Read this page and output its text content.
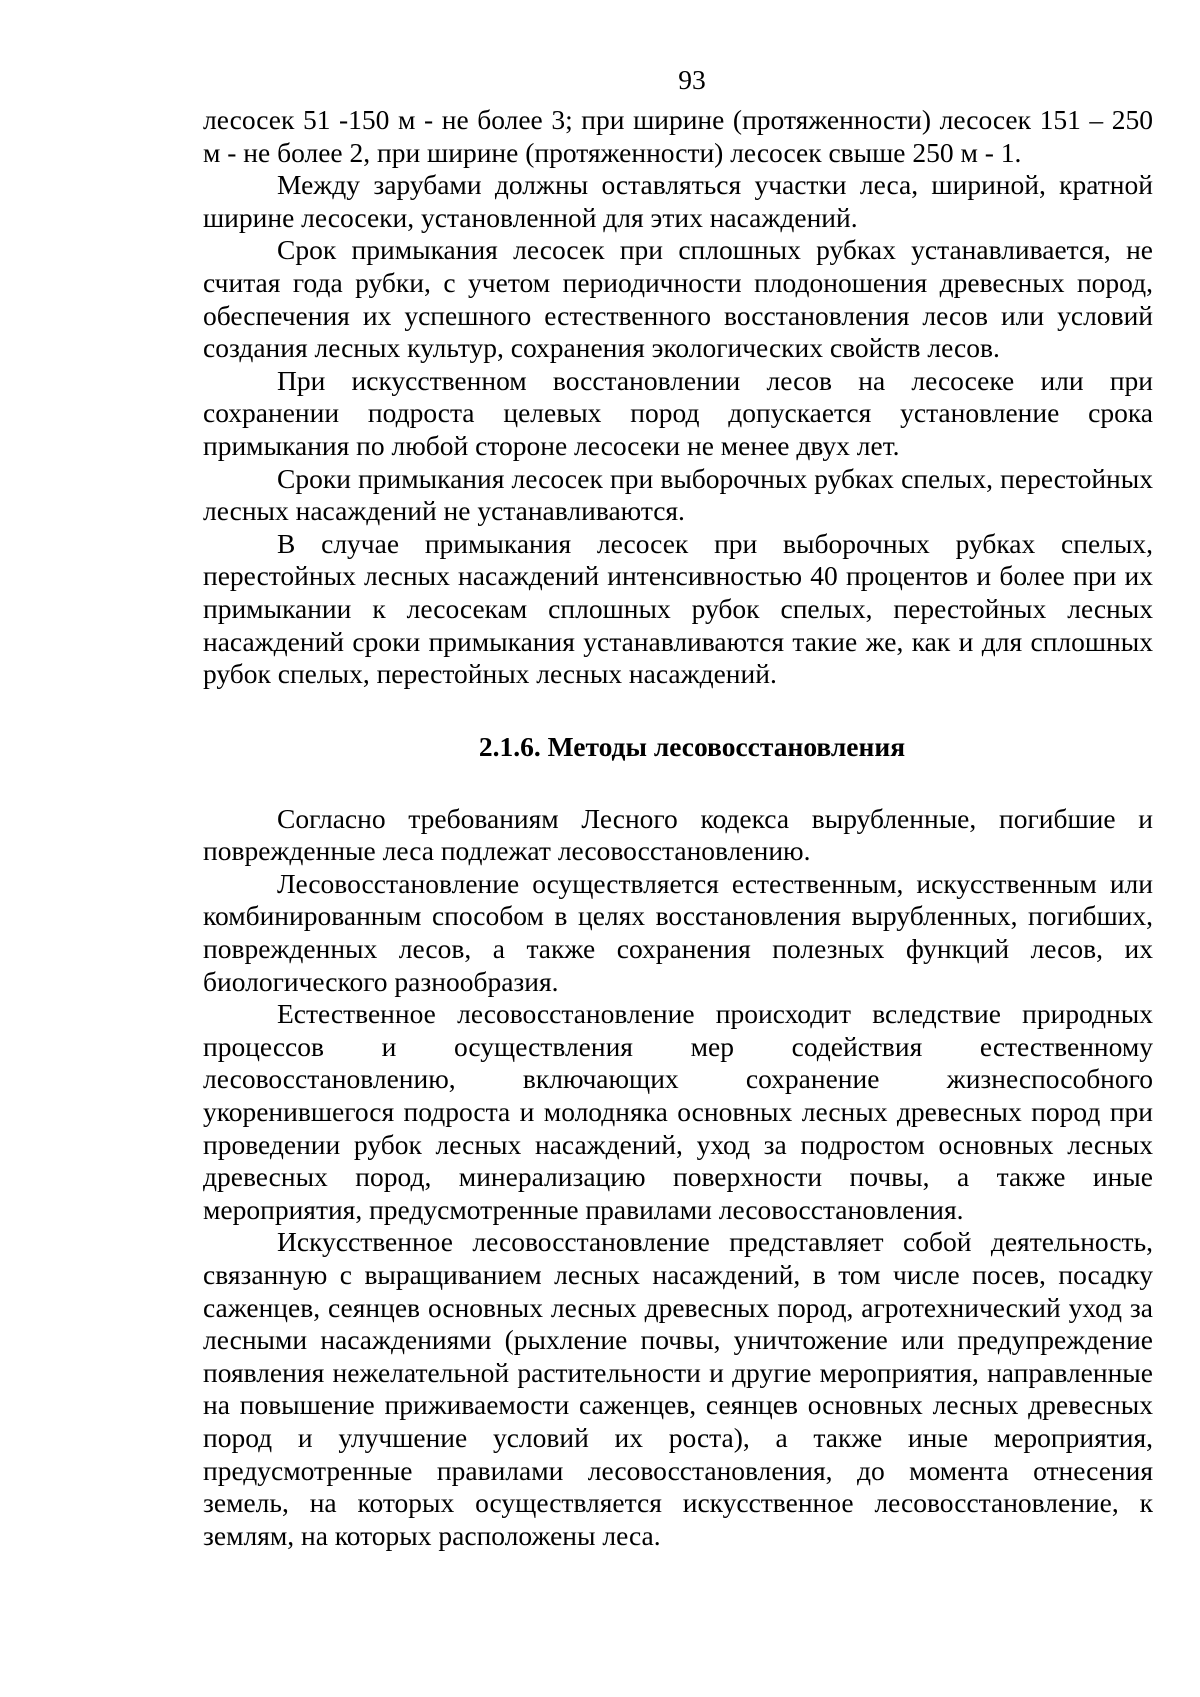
93

лесосек 51 -150 м - не более 3; при ширине (протяженности) лесосек 151 – 250 м - не более 2, при ширине (протяженности) лесосек свыше 250 м - 1.

Между зарубами должны оставляться участки леса, шириной, кратной ширине лесосеки, установленной для этих насаждений.

Срок примыкания лесосек при сплошных рубках устанавливается, не считая года рубки, с учетом периодичности плодоношения древесных пород, обеспечения их успешного естественного восстановления лесов или условий создания лесных культур, сохранения экологических свойств лесов.

При искусственном восстановлении лесов на лесосеке или при сохранении подроста целевых пород допускается установление срока примыкания по любой стороне лесосеки не менее двух лет.

Сроки примыкания лесосек при выборочных рубках спелых, перестойных лесных насаждений не устанавливаются.

В случае примыкания лесосек при выборочных рубках спелых, перестойных лесных насаждений интенсивностью 40 процентов и более при их примыкании к лесосекам сплошных рубок спелых, перестойных лесных насаждений сроки примыкания устанавливаются такие же, как и для сплошных рубок спелых, перестойных лесных насаждений.

2.1.6. Методы лесовосстановления

Согласно требованиям Лесного кодекса вырубленные, погибшие и поврежденные леса подлежат лесовосстановлению.

Лесовосстановление осуществляется естественным, искусственным или комбинированным способом в целях восстановления вырубленных, погибших, поврежденных лесов, а также сохранения полезных функций лесов, их биологического разнообразия.

Естественное лесовосстановление происходит вследствие природных процессов и осуществления мер содействия естественному лесовосстановлению, включающих сохранение жизнеспособного укоренившегося подроста и молодняка основных лесных древесных пород при проведении рубок лесных насаждений, уход за подростом основных лесных древесных пород, минерализацию поверхности почвы, а также иные мероприятия, предусмотренные правилами лесовосстановления.

Искусственное лесовосстановление представляет собой деятельность, связанную с выращиванием лесных насаждений, в том числе посев, посадку саженцев, сеянцев основных лесных древесных пород, агротехнический уход за лесными насаждениями (рыхление почвы, уничтожение или предупреждение появления нежелательной растительности и другие мероприятия, направленные на повышение приживаемости саженцев, сеянцев основных лесных древесных пород и улучшение условий их роста), а также иные мероприятия, предусмотренные правилами лесовосстановления, до момента отнесения земель, на которых осуществляется искусственное лесовосстановление, к землям, на которых расположены леса.
